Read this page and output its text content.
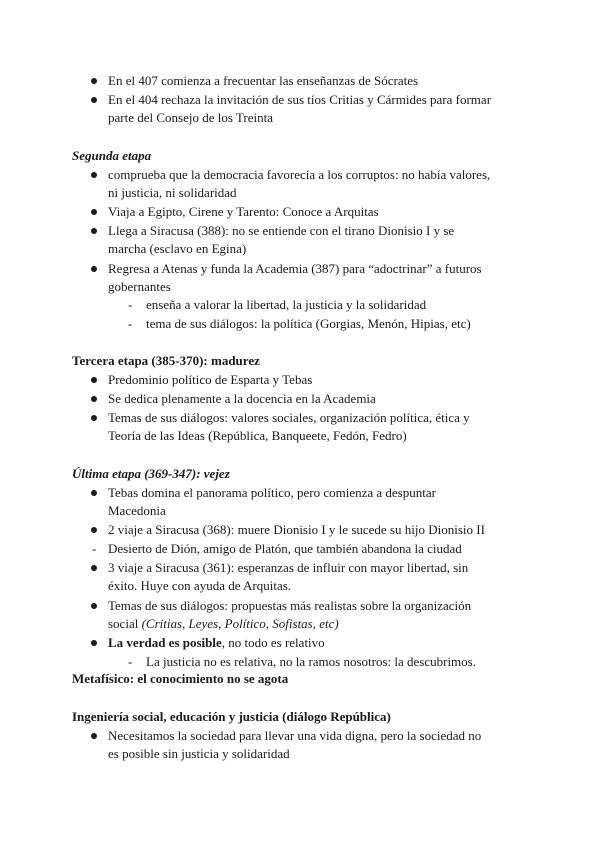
En el 407 comienza a frecuentar las enseñanzas de Sócrates
En el 404 rechaza la invitación de sus tíos Critias y Cármides para formar
parte del Consejo de los Treinta
Segunda etapa
comprueba que la democracia favorecía a los corruptos: no había valores,
ni justicia, ni solidaridad
Viaja a Egipto, Cirene y Tarento: Conoce a Arquitas
Llega a Siracusa (388): no se entiende con el tirano Dionisio I y se
marcha (esclavo en Egina)
Regresa a Atenas y funda la Academia (387) para “adoctrinar” a futuros
gobernantes
- enseña a valorar la libertad, la justicia y la solidaridad
- tema de sus diálogos: la política (Gorgias, Menón, Hipias, etc)
Tercera etapa (385-370): madurez
Predominio político de Esparta y Tebas
Se dedica plenamente a la docencia en la Academia
Temas de sus diálogos: valores sociales, organización política, ética y
Teoría de las Ideas (República, Banqueete, Fedón, Fedro)
Última etapa (369-347): vejez
Tebas domina el panorama político, pero comienza a despuntar
Macedonia
2 viaje a Siracusa (368): muere Dionisio I y le sucede su hijo Dionisio II
- Desierto de Dión, amigo de Platón, que también abandona la ciudad
3 viaje a Siracusa (361): esperanzas de influir con mayor libertad, sin
éxito. Huye con ayuda de Arquitas.
Temas de sus diálogos: propuestas más realistas sobre la organización
social (Critias, Leyes, Político, Sofistas, etc)
La verdad es posible, no todo es relativo
- La justicia no es relativa, no la ramos nosotros: la descubrimos.
Metafísico: el conocimiento no se agota
Ingeniería social, educación y justicia (diálogo República)
Necesitamos la sociedad para llevar una vida digna, pero la sociedad no
es posible sin justicia y solidaridad
